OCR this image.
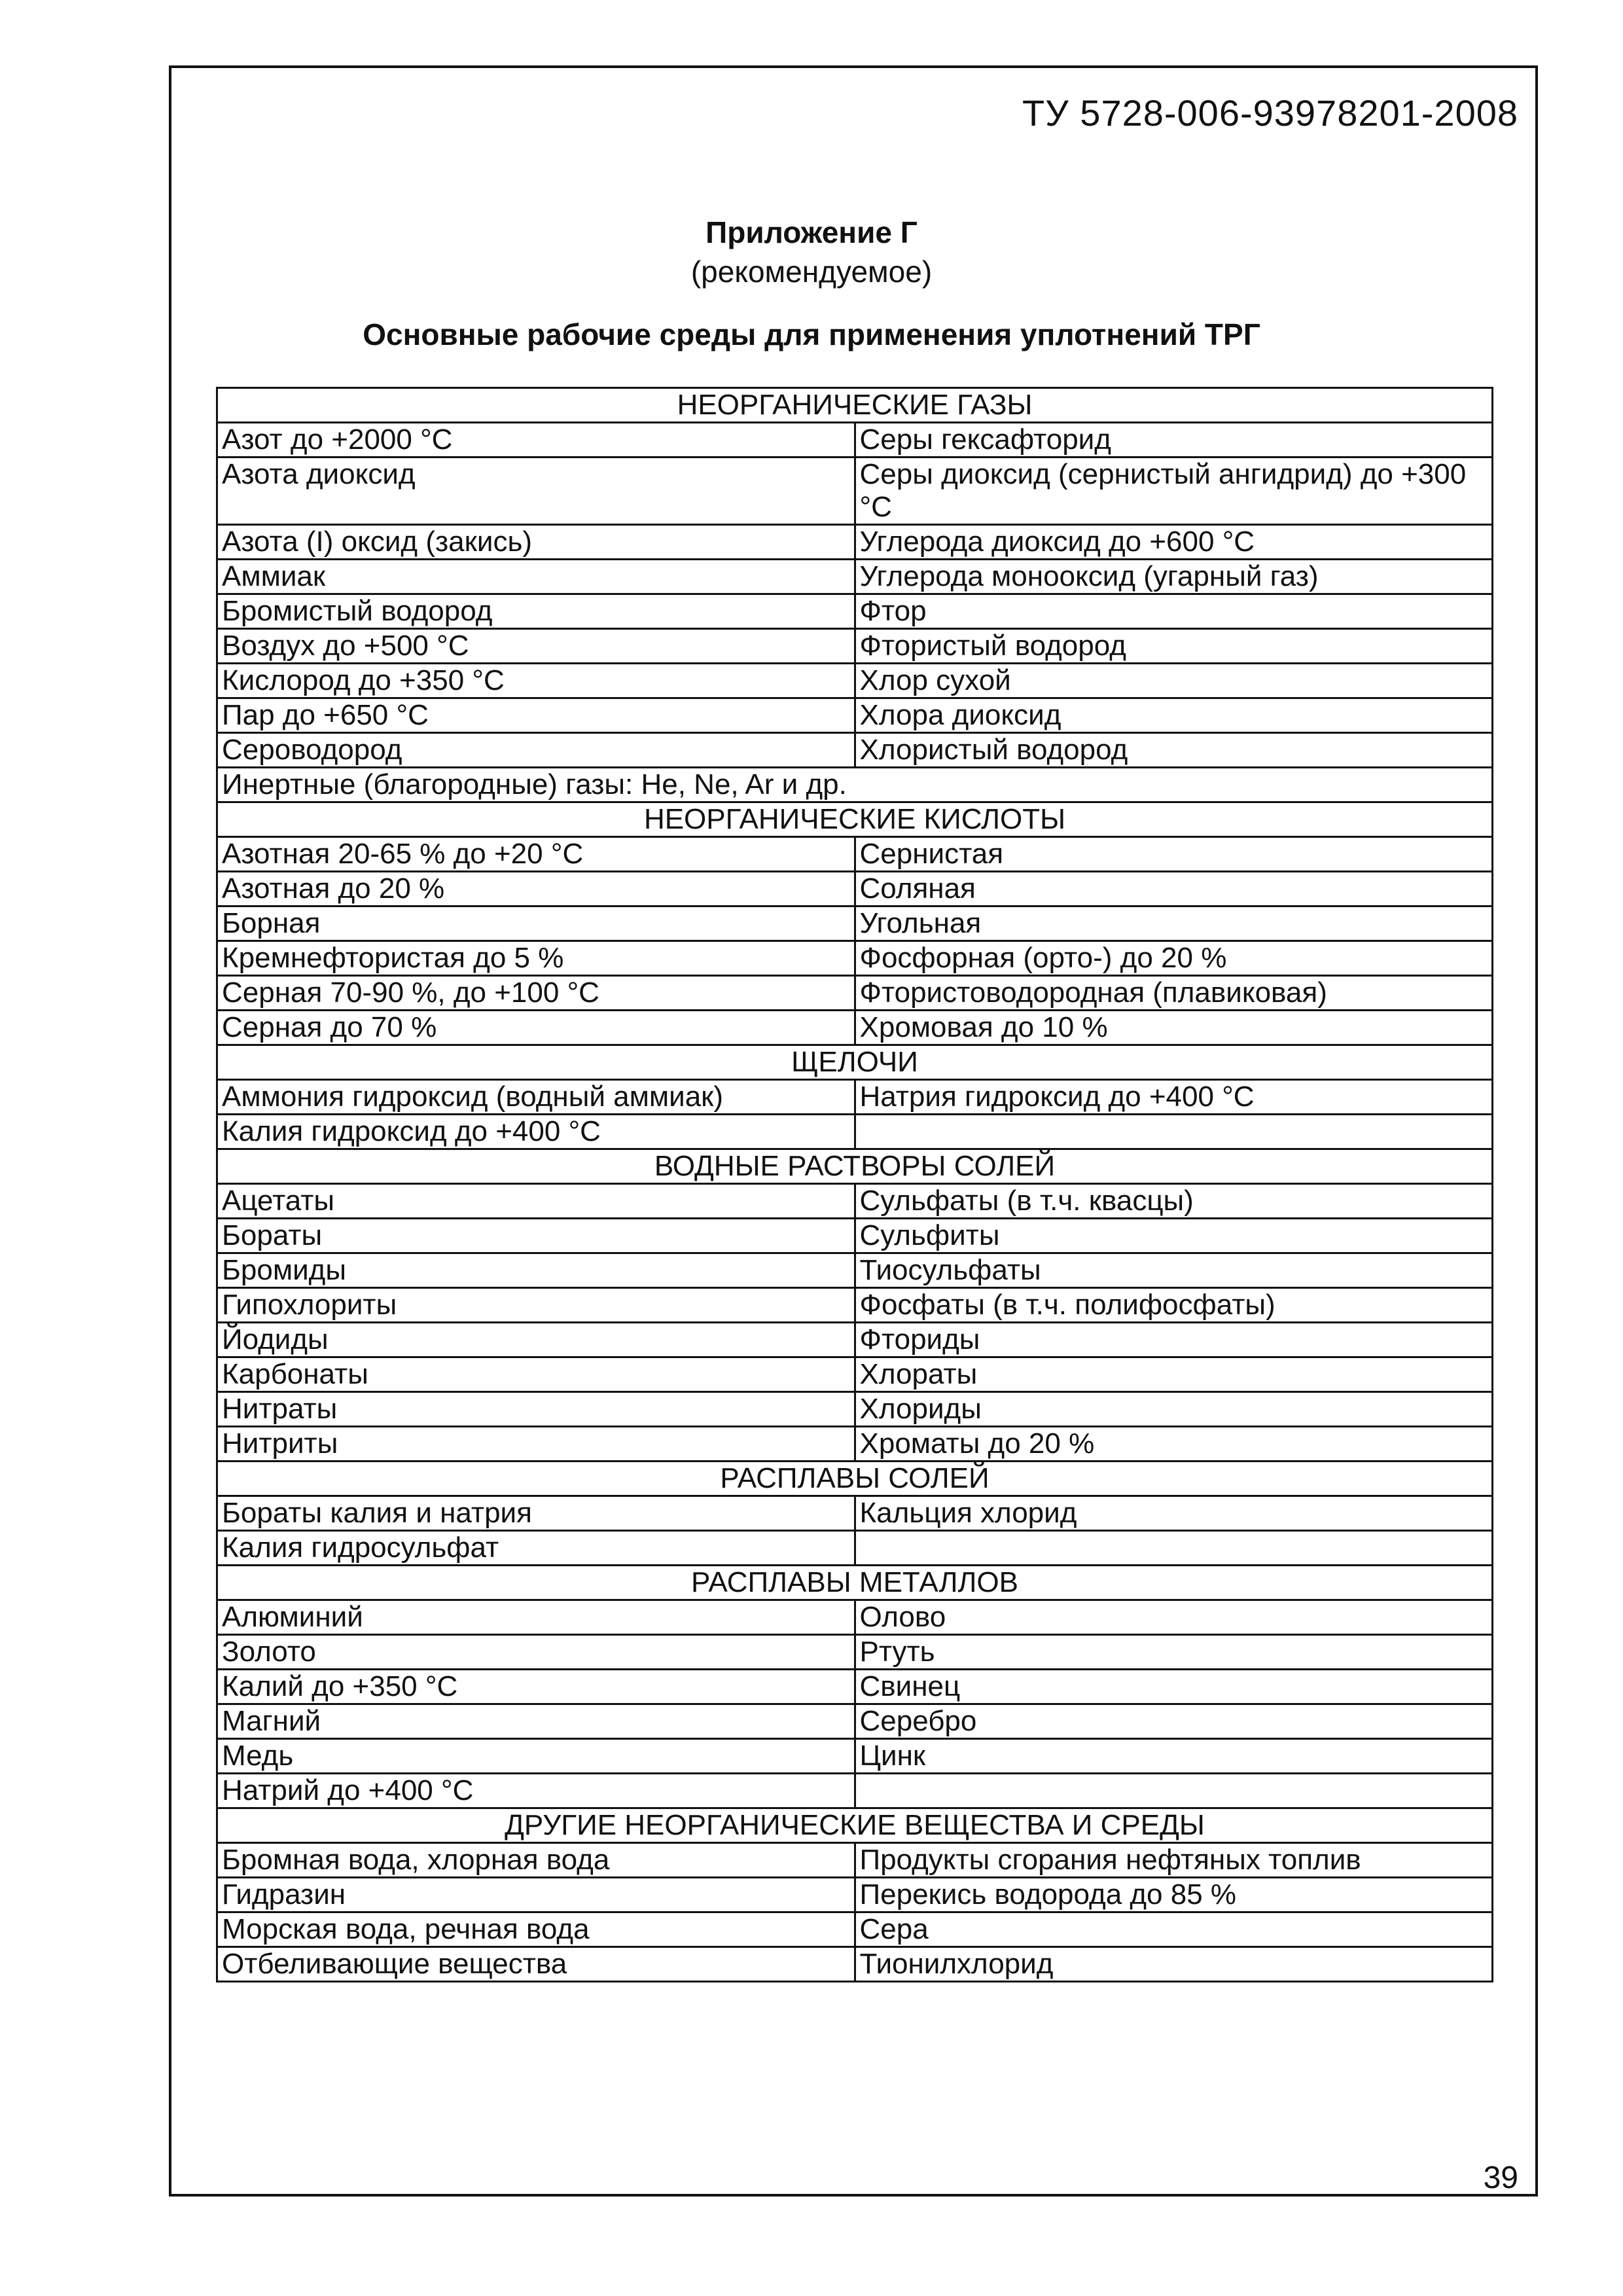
ТУ 5728-006-93978201-2008
Приложение Г
(рекомендуемое)
Основные рабочие среды для применения уплотнений ТРГ
НЕОРГАНИЧЕСКИЕ ГАЗЫ	
Азот до +2000 °С	Серы гексафторид
Азота диоксид	Серы диоксид (сернистый ангидрид) до +300 °С
Азота (I) оксид (закись)	Углерода диоксид до +600 °С
Аммиак	Углерода монооксид (угарный газ)
Бромистый водород	Фтор
Воздух до +500 °С	Фтористый водород
Кислород до +350 °С	Хлор сухой
Пар до +650 °С	Хлора диоксид
Сероводород	Хлористый водород
Инертные (благородные) газы: He, Ne, Ar и др.	
НЕОРГАНИЧЕСКИЕ КИСЛОТЫ	
Азотная 20-65 % до +20 °С	Сернистая
Азотная до 20 %	Соляная
Борная	Угольная
Кремнефтористая до 5 %	Фосфорная (орто-) до 20 %
Серная 70-90 %, до +100 °С	Фтористоводородная (плавиковая)
Серная до 70 %	Хромовая до 10 %
ЩЕЛОЧИ	
Аммония гидроксид (водный аммиак)	Натрия гидроксид до +400 °С
Калия гидроксид до +400 °С	
ВОДНЫЕ РАСТВОРЫ СОЛЕЙ	
Ацетаты	Сульфаты (в т.ч. квасцы)
Бораты	Сульфиты
Бромиды	Тиосульфаты
Гипохлориты	Фосфаты (в т.ч. полифосфаты)
Йодиды	Фториды
Карбонаты	Хлораты
Нитраты	Хлориды
Нитриты	Хроматы до 20 %
РАСПЛАВЫ СОЛЕЙ	
Бораты калия и натрия	Кальция хлорид
Калия гидросульфат	
РАСПЛАВЫ МЕТАЛЛОВ	
Алюминий	Олово
Золото	Ртуть
Калий до +350 °С	Свинец
Магний	Серебро
Медь	Цинк
Натрий до +400 °С	
ДРУГИЕ НЕОРГАНИЧЕСКИЕ ВЕЩЕСТВА И СРЕДЫ	
Бромная вода, хлорная вода	Продукты сгорания нефтяных топлив
Гидразин	Перекись водорода до 85 %
Морская вода, речная вода	Сера
Отбеливающие вещества	Тионилхлорид
39
